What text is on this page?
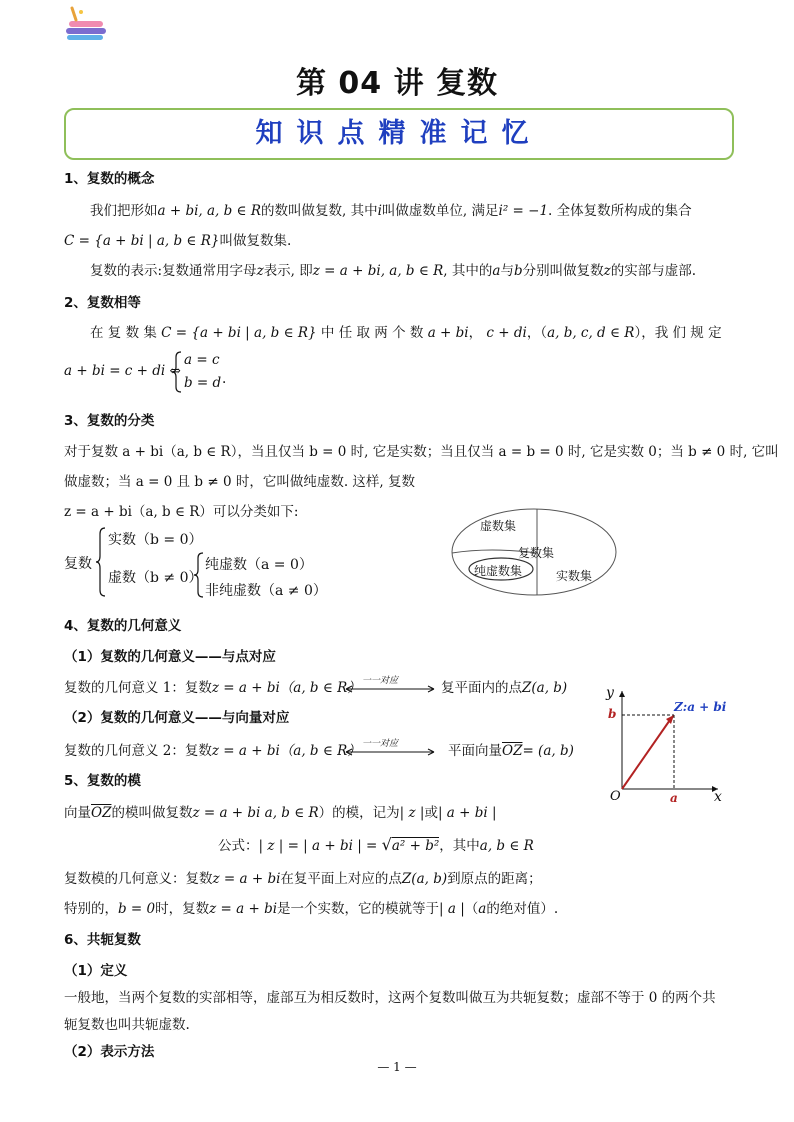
第 04 讲 复数
知识点精准记忆
1、复数的概念
我们把形如a + bi, a, b ∈ R的数叫做复数, 其中i叫做虚数单位, 满足i² = −1. 全体复数所构成的集合
C = {a + bi | a, b ∈ R}叫做复数集.
复数的表示:复数通常用字母z表示, 即z = a + bi, a, b ∈ R, 其中的a与b分别叫做复数z的实部与虚部.
2、复数相等
在 复 数 集 C = {a + bi | a, b ∈ R} 中 任 取 两 个 数 a + bi， c + di，（a, b, c, d ∈ R），我 们 规 定
a + bi = c + di ⇔
a = c
b = d .
3、复数的分类
对于复数 a + bi（a, b ∈ R），当且仅当 b = 0 时, 它是实数；当且仅当 a = b = 0 时, 它是实数 0；当 b ≠ 0 时, 它叫
做虚数；当 a = 0 且 b ≠ 0 时，它叫做纯虚数. 这样, 复数
z = a + bi（a, b ∈ R）可以分类如下:
复数
实数（b = 0）
虚数（b ≠ 0）
纯虚数（a = 0）
非纯虚数（a ≠ 0）
虚数集
复数集
纯虚数集	实数集
4、复数的几何意义
（1）复数的几何意义——与点对应
复数的几何意义 1：复数z = a + bi（a, b ∈ R） 一一对应	复平面内的点Z(a, b)
（2）复数的几何意义——与向量对应
复数的几何意义 2：复数z = a + bi（a, b ∈ R） 一一对应	平面向量$\overline{OZ}= (a$, b)
y
x
O	a
b	Z:a + bi
5、复数的模
向量$\overline{OZ}$的模叫做复数z = a + bi a, b ∈ R）的模，记为| z |或| a + bi |
公式：| z | = | a + bi | = √a² + b²，其中a, b ∈ R
复数模的几何意义：复数z = a + bi在复平面上对应的点Z(a, b)到原点的距离；
特别的，b = 0时，复数z = a + bi是一个实数，它的模就等于| a |（a的绝对值）.
6、共轭复数
（1）定义
一般地，当两个复数的实部相等，虚部互为相反数时，这两个复数叫做互为共轭复数；虚部不等于 0 的两个共
轭复数也叫共轭虚数.
（2）表示方法
— 1 —
